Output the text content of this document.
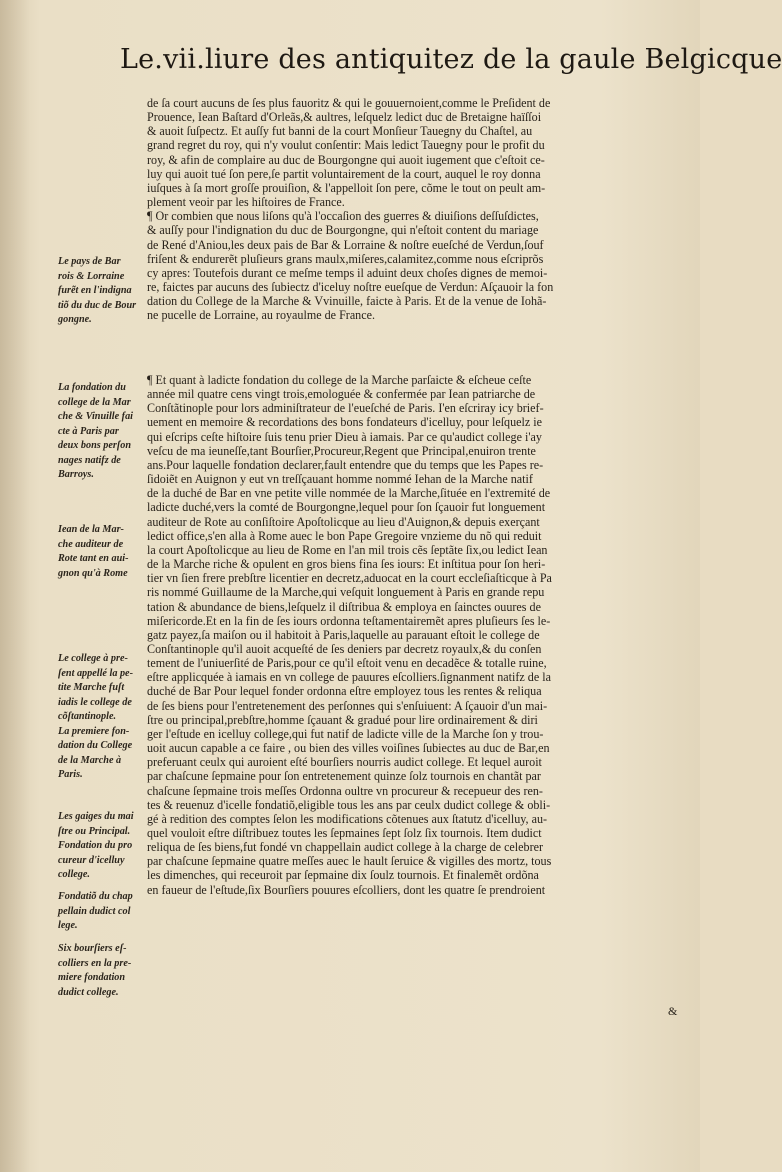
Le.vii.liure des antiquitez de la gaule Belgicque
de ſa court aucuns de ſes plus fauoritz & qui le gouuernoient,comme le Preſident de
Prouence, Iean Baſtard d'Orleãs,& aultres, leſquelz ledict duc de Bretaigne haïſſoi
& auoit ſuſpectz. Et auſſy fut banni de la court Monſieur Tauegny du Chaſtel, au
grand regret du roy, qui n'y voulut conſentir: Mais ledict Tauegny pour le profit du
roy, & afin de complaire au duc de Bourgongne qui auoit iugement que c'eſtoit ce-
luy qui auoit tué ſon pere,ſe partit voluntairement de la court, auquel le roy donna
iuſques à ſa mort groſſe prouiſion, & l'appelloit ſon pere, cõme le tout on peult am-
plement veoir par les hiſtoires de France.
¶ Or combien que nous liſons qu'à l'occaſion des guerres & diuiſions deſſuſdictes,
& auſſy pour l'indignation du duc de Bourgongne, qui n'eſtoit content du mariage
de René d'Aniou,les deux pais de Bar & Lorraine & noſtre eueſché de Verdun,ſouf
friſent & endurerẽt pluſieurs grans maulx,miſeres,calamitez,comme nous eſcriprõs
cy apres: Toutefois durant ce meſme temps il aduint deux choſes dignes de memoi-
re, faictes par aucuns des ſubiectz d'iceluy noſtre eueſque de Verdun: Aſçauoir la fon
dation du College de la Marche & Vvinuille, faicte à Paris. Et de la venue de Iohã-
ne pucelle de Lorraine, au royaulme de France.
¶ Et quant à ladicte fondation du college de la Marche parſaicte & eſcheue ceſte
année mil quatre cens vingt trois,emologuée & confermée par Iean patriarche de
Conſtãtinople pour lors adminiſtrateur de l'eueſché de Paris. I'en eſcriray icy brief-
uement en memoire & recordations des bons fondateurs d'icelluy, pour leſquelz ie
qui eſcrips ceſte hiſtoire ſuis tenu prier Dieu à iamais. Par ce qu'audict college i'ay
veſcu de ma ieuneſſe,tant Bourſier,Procureur,Regent que Principal,enuiron trente
ans.Pour laquelle fondation declarer,fault entendre que du temps que les Papes re-
ſidoiẽt en Auignon y eut vn treſſçauant homme nommé Iehan de la Marche natif
de la duché de Bar en vne petite ville nommée de la Marche,ſituée en l'extremité de
ladicte duché,vers la comté de Bourgongne,lequel pour ſon ſçauoir fut longuement
auditeur de Rote au conſiſtoire Apoſtolicque au lieu d'Auignon,& depuis exerçant
ledict office,s'en alla à Rome auec le bon Pape Gregoire vnzieme du nõ qui reduit
la court Apoſtolicque au lieu de Rome en l'an mil trois cẽs ſeptãte ſix,ou ledict Iean
de la Marche riche & opulent en gros biens fina ſes iours: Et inſtitua pour ſon heri-
tier vn ſien frere prebſtre licentier en decretz,aduocat en la court eccleſiaſticque à Pa
ris nommé Guillaume de la Marche,qui veſquit longuement à Paris en grande repu
tation & abundance de biens,leſquelz il diſtribua & employa en ſainctes ouures de
miſericorde.Et en la fin de ſes iours ordonna teſtamentairemẽt apres pluſieurs ſes le-
gatz payez,ſa maiſon ou il habitoit à Paris,laquelle au parauant eſtoit le college de
Conſtantinople qu'il auoit acqueſté de ſes deniers par decretz royaulx,& du conſen
tement de l'uniuerſité de Paris,pour ce qu'il eſtoit venu en decadẽce & totalle ruine,
eſtre applicquée à iamais en vn college de pauures eſcolliers.ſignanment natifz de la
duché de Bar Pour lequel fonder ordonna eſtre employez tous les rentes & reliqua
de ſes biens pour l'entretenement des perſonnes qui s'enſuiuent: A ſçauoir d'un mai-
ſtre ou principal,prebſtre,homme ſçauant & gradué pour lire ordinairement & diri
ger l'eſtude en icelluy college,qui fut natif de ladicte ville de la Marche ſon y trou-
uoit aucun capable a ce faire , ou bien des villes voiſines ſubiectes au duc de Bar,en
preferuant ceulx qui auroient eſté bourſiers nourris audict college. Et lequel auroit
par chaſcune ſepmaine pour ſon entretenement quinze ſolz tournois en chantãt par
chaſcune ſepmaine trois meſſes Ordonna oultre vn procureur & recepueur des ren-
tes & reuenuz d'icelle fondatiõ,eligible tous les ans par ceulx dudict college & obli-
gé à redition des comptes ſelon les modifications cõtenues aux ſtatutz d'icelluy, au-
quel vouloit eſtre diſtribuez toutes les ſepmaines ſept ſolz ſix tournois. Item dudict
reliqua de ſes biens,fut fondé vn chappellain audict college à la charge de celebrer
par chaſcune ſepmaine quatre meſſes auec le hault ſeruice & vigilles des mortz, tous
les dimenches, qui receuroit par ſepmaine dix ſoulz tournois. Et finalemẽt ordõna
en faueur de l'eſtude,ſix Bourſiers pouures eſcolliers, dont les quatre ſe prendroient
Le pays de Bar
rois & Lorraine
furẽt en l'indigna
tiõ du duc de Bour
gongne.
La fondation du
college de la Mar
che & Vinuille fai
cte à Paris par
deux bons perſon
nages natifz de
Barroys.
Iean de la Mar-
che auditeur de
Rote tant en aui-
gnon qu'à Rome
Le college à pre-
ſent appellé la pe-
tite Marche fuſt
iadis le college de
cõſtantinople.
La premiere fon-
dation du College
de la Marche à
Paris.
Les gaiges du mai
ſtre ou Principal.
Fondation du pro
cureur d'icelluy
college.
Fondatiõ du chap
pellain dudict col
lege.
Six bourſiers eſ-
colliers en la pre-
miere fondation
dudict college.
&
